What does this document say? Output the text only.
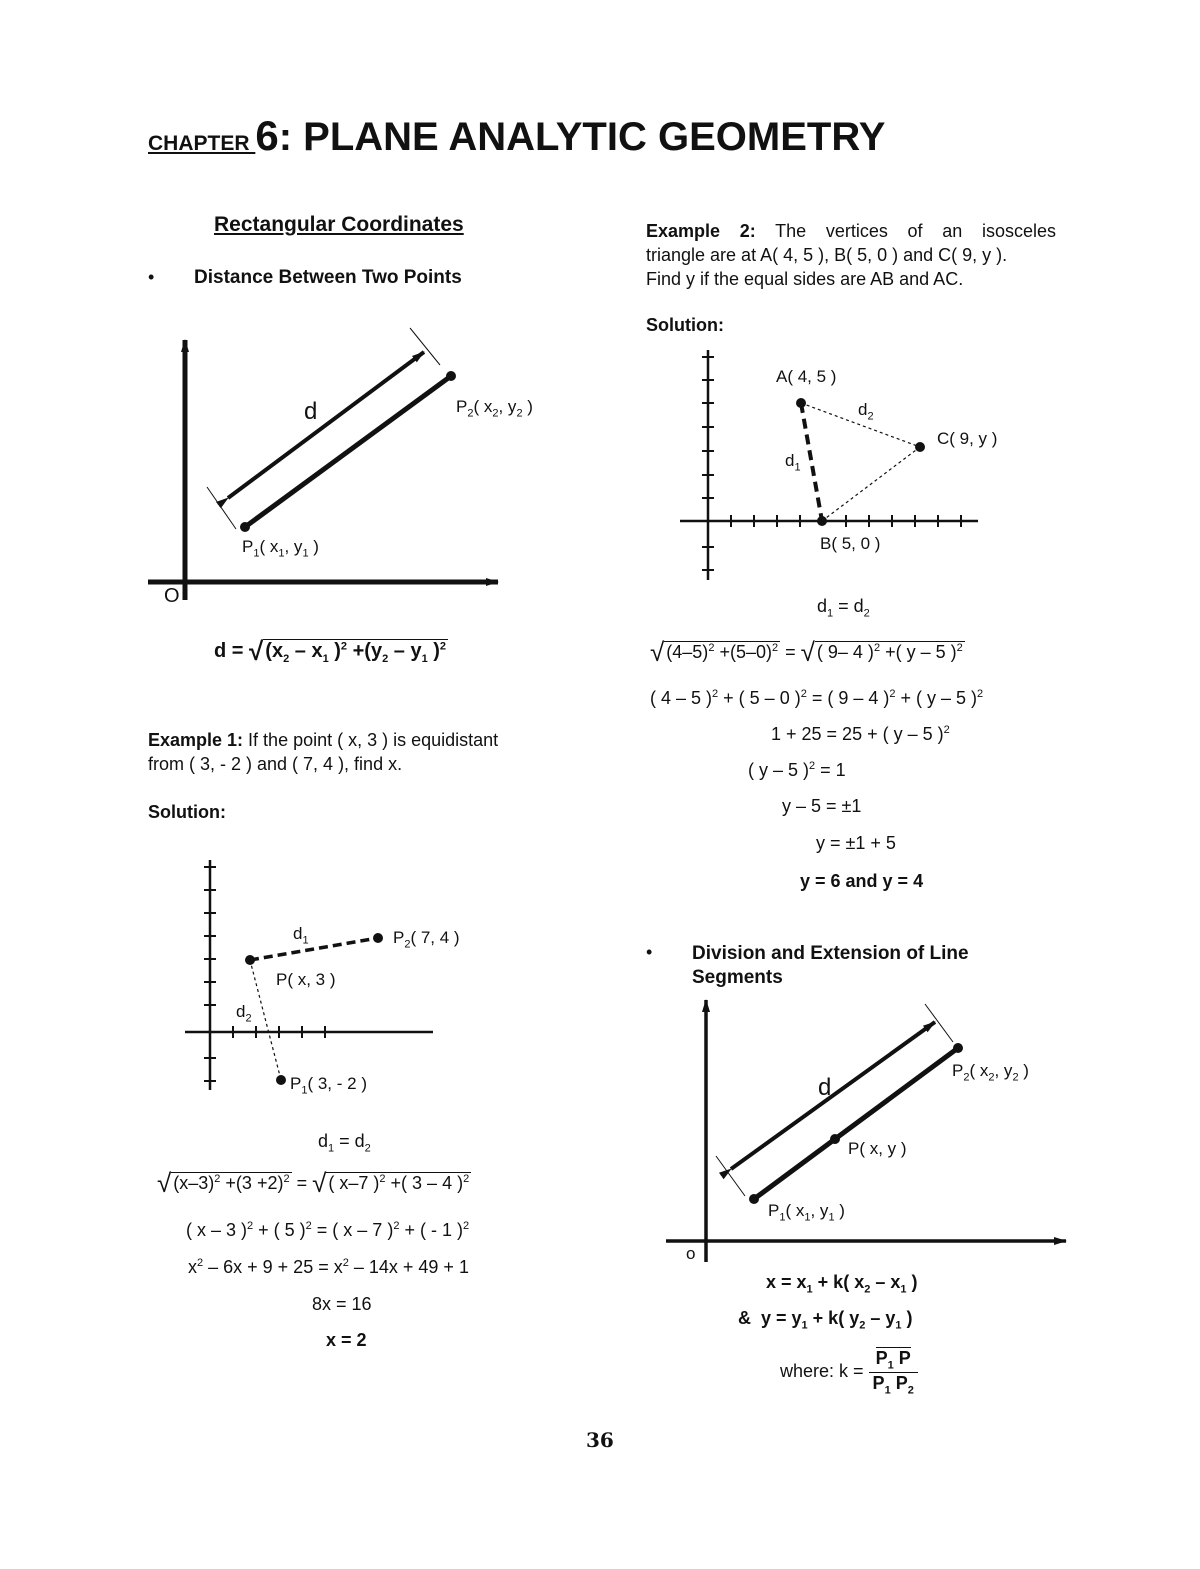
CHAPTER 6: PLANE ANALYTIC GEOMETRY
Rectangular Coordinates
• Distance Between Two Points
d	$P_2$( $x_2$, $y_2$ )
$P_1$( $x_1$, $y_1$ )
O
d = √ ($x_2 - x_1$ )$^2 +(y_2 - y_1$ )$^2$
Example 1: If the point ( x, 3 ) is equidistant
from ( 3, - 2 ) and ( 7, 4 ), find x.
Solution:
$d_1$	$P_2$( 7, 4 )
P( x, 3 )
$d_2$
$P_1$( 3, - 2 )
$d_1 = d_2$
√ $(x-3)^2 +(3 +2)^2$ = √ ( x–7 )$^2$ +( 3 – 4 )$^2$
( x – 3 )$^2$ + ( 5 )$^2$ = ( x – 7 )$^2$ + ( - 1 )$^2$
$x^2 - 6x + 9 + 25 = x^2 - 14x + 49 + 1$
8x = 16
x = 2
Example 2: The vertices of an isosceles
triangle are at A( 4, 5 ), B( 5, 0 ) and C( 9, y ).
Find y if the equal sides are AB and AC.
Solution:
A( 4, 5 )
$d_2$
C( 9, y )
$d_1$
B( 5, 0 )
$d_1 = d_2$
√ $(4-5)^2 +(5-0)^2$ = √ ( 9– 4 )$^2$ +( y – 5 )$^2$
( 4 – 5 )$^2$ + ( 5 – 0 )$^2$ = ( 9 – 4 )$^2$ + ( y – 5 )$^2$
1 + 25 = 25 + ( y – 5 )$^2$
( y – 5 )$^2$ = 1
y – 5 = ±1
y = ±1 + 5
y = 6 and y = 4
• Division and Extension of Line
Segments
d
$P_2$( $x_2$, $y_2$ )
P( x, y )
$P_1$( $x_1$, $y_1$ )
o
$x = x_1 + k$( $x_2 - x_1$ )
&  $y = y_1 + k$( $y_2 - y_1$ )
where: $k = \frac{P_1 P}{P_1 P_2}$
36
